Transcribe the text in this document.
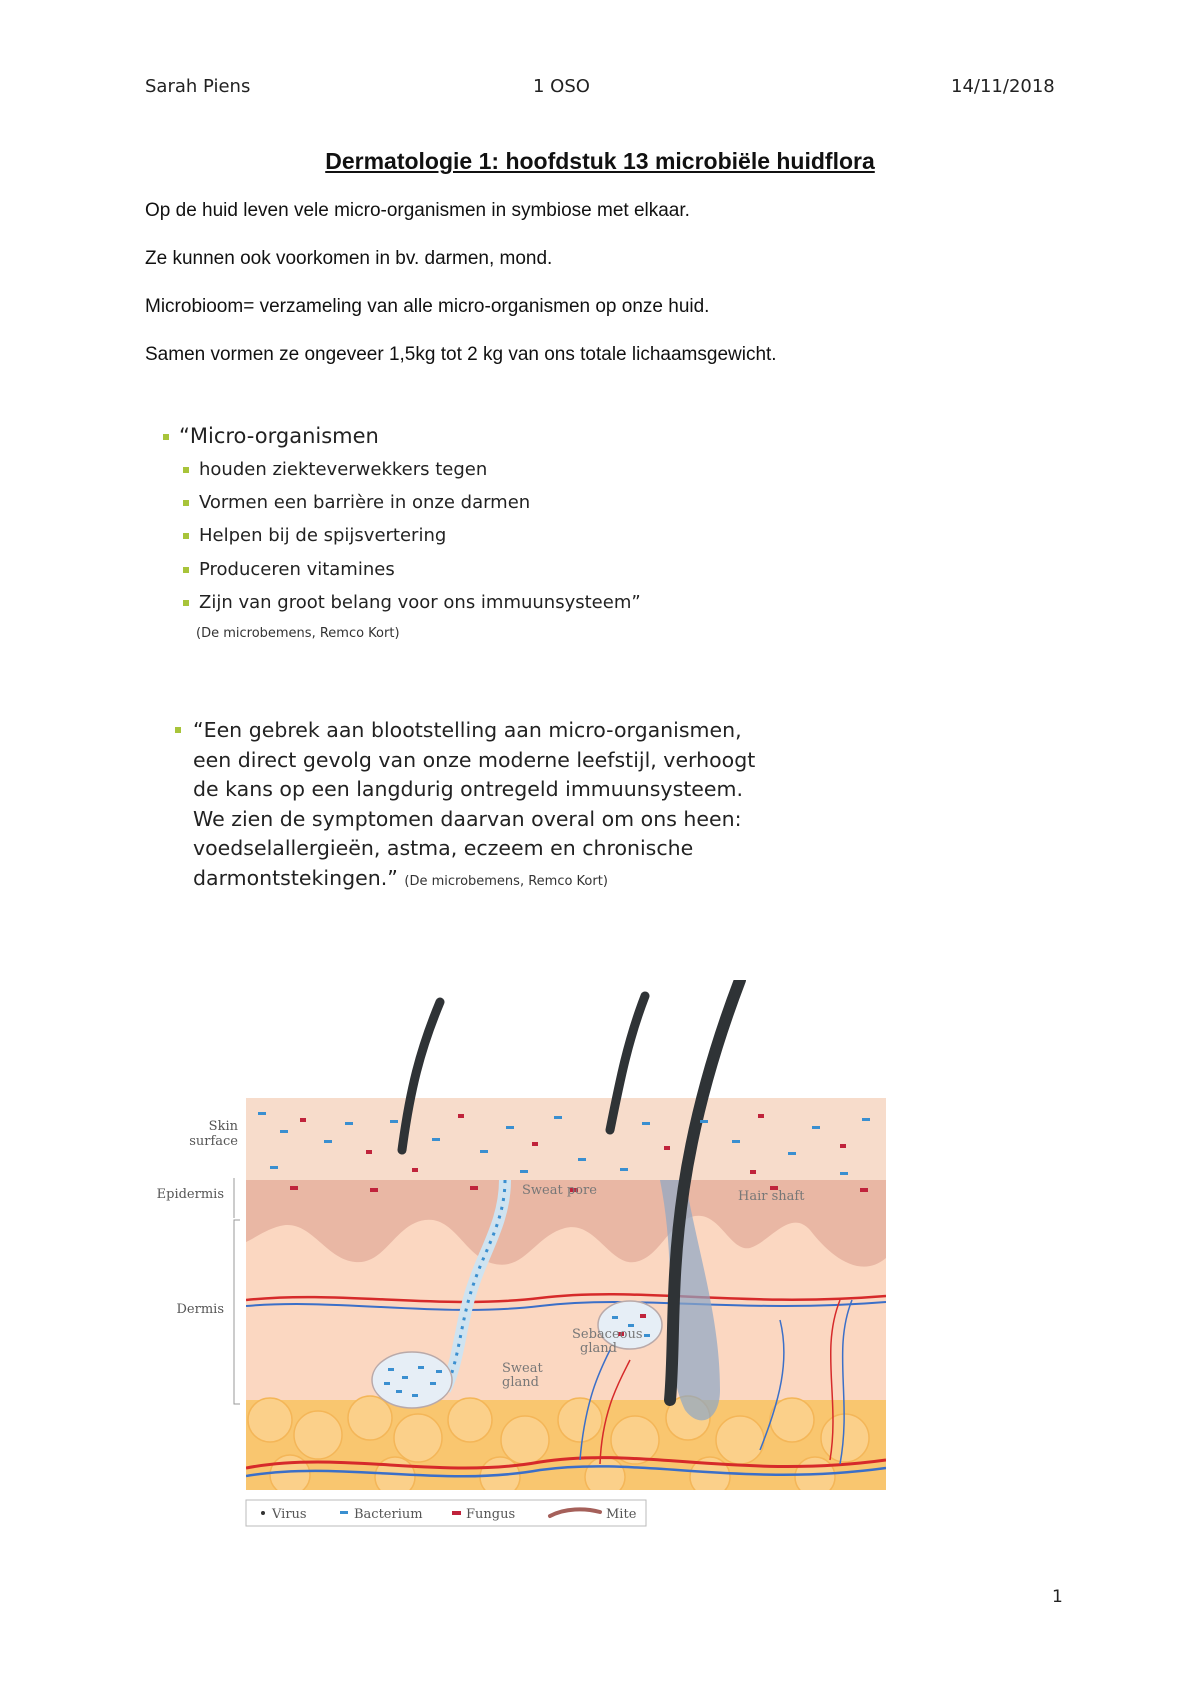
Sarah Piens	1 OSO	14/11/2018
Dermatologie 1: hoofdstuk 13 microbiële huidflora
Op de huid leven vele micro-organismen in symbiose met elkaar.
Ze kunnen ook voorkomen in bv. darmen, mond.
Microbioom= verzameling van alle micro-organismen op onze huid.
Samen vormen ze ongeveer 1,5kg tot 2 kg van ons totale lichaamsgewicht.
“Micro-organismen
houden ziekteverwekkers tegen
Vormen een barrière in onze darmen
Helpen bij de spijsvertering
Produceren vitamines
Zijn van groot belang voor ons immuunsysteem”
(De microbemens, Remco Kort)
“Een gebrek aan blootstelling aan micro-organismen,
een direct gevolg van onze moderne leefstijl, verhoogt
de kans op een langdurig ontregeld immuunsysteem.
We zien de symptomen daarvan overal om ons heen:
voedselallergieën, astma, eczeem en chronische
darmontstekingen.” (De microbemens, Remco Kort)
Skin
surface
Epidermis
Dermis
Sweat pore	Hair shaft
Sebaceous
gland
Sweat
gland
Virus	Bacterium	Fungus	Mite
1
